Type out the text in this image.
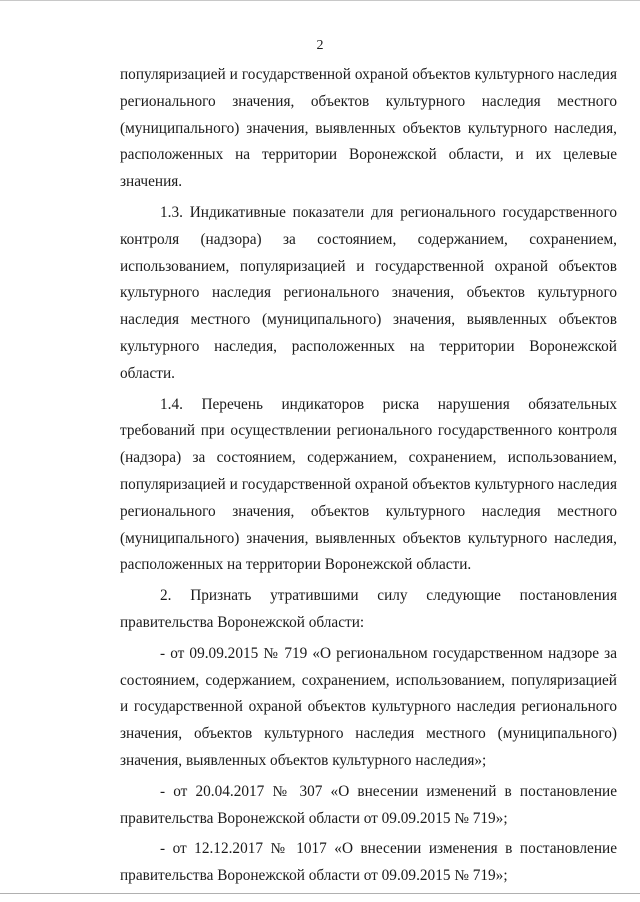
2

популяризацией и государственной охраной объектов культурного наследия регионального значения, объектов культурного наследия местного (муниципального) значения, выявленных объектов культурного наследия, расположенных на территории Воронежской области, и их целевые значения.

1.3. Индикативные показатели для регионального государственного контроля (надзора) за состоянием, содержанием, сохранением, использованием, популяризацией и государственной охраной объектов культурного наследия регионального значения, объектов культурного наследия местного (муниципального) значения, выявленных объектов культурного наследия, расположенных на территории Воронежской области.

1.4. Перечень индикаторов риска нарушения обязательных требований при осуществлении регионального государственного контроля (надзора) за состоянием, содержанием, сохранением, использованием, популяризацией и государственной охраной объектов культурного наследия регионального значения, объектов культурного наследия местного (муниципального) значения, выявленных объектов культурного наследия, расположенных на территории Воронежской области.

2. Признать утратившими силу следующие постановления правительства Воронежской области:

- от 09.09.2015 № 719 «О региональном государственном надзоре за состоянием, содержанием, сохранением, использованием, популяризацией и государственной охраной объектов культурного наследия регионального значения, объектов культурного наследия местного (муниципального) значения, выявленных объектов культурного наследия»;

- от 20.04.2017 № 307 «О внесении изменений в постановление правительства Воронежской области от 09.09.2015 № 719»;

- от 12.12.2017 № 1017 «О внесении изменения в постановление правительства Воронежской области от 09.09.2015 № 719»;
